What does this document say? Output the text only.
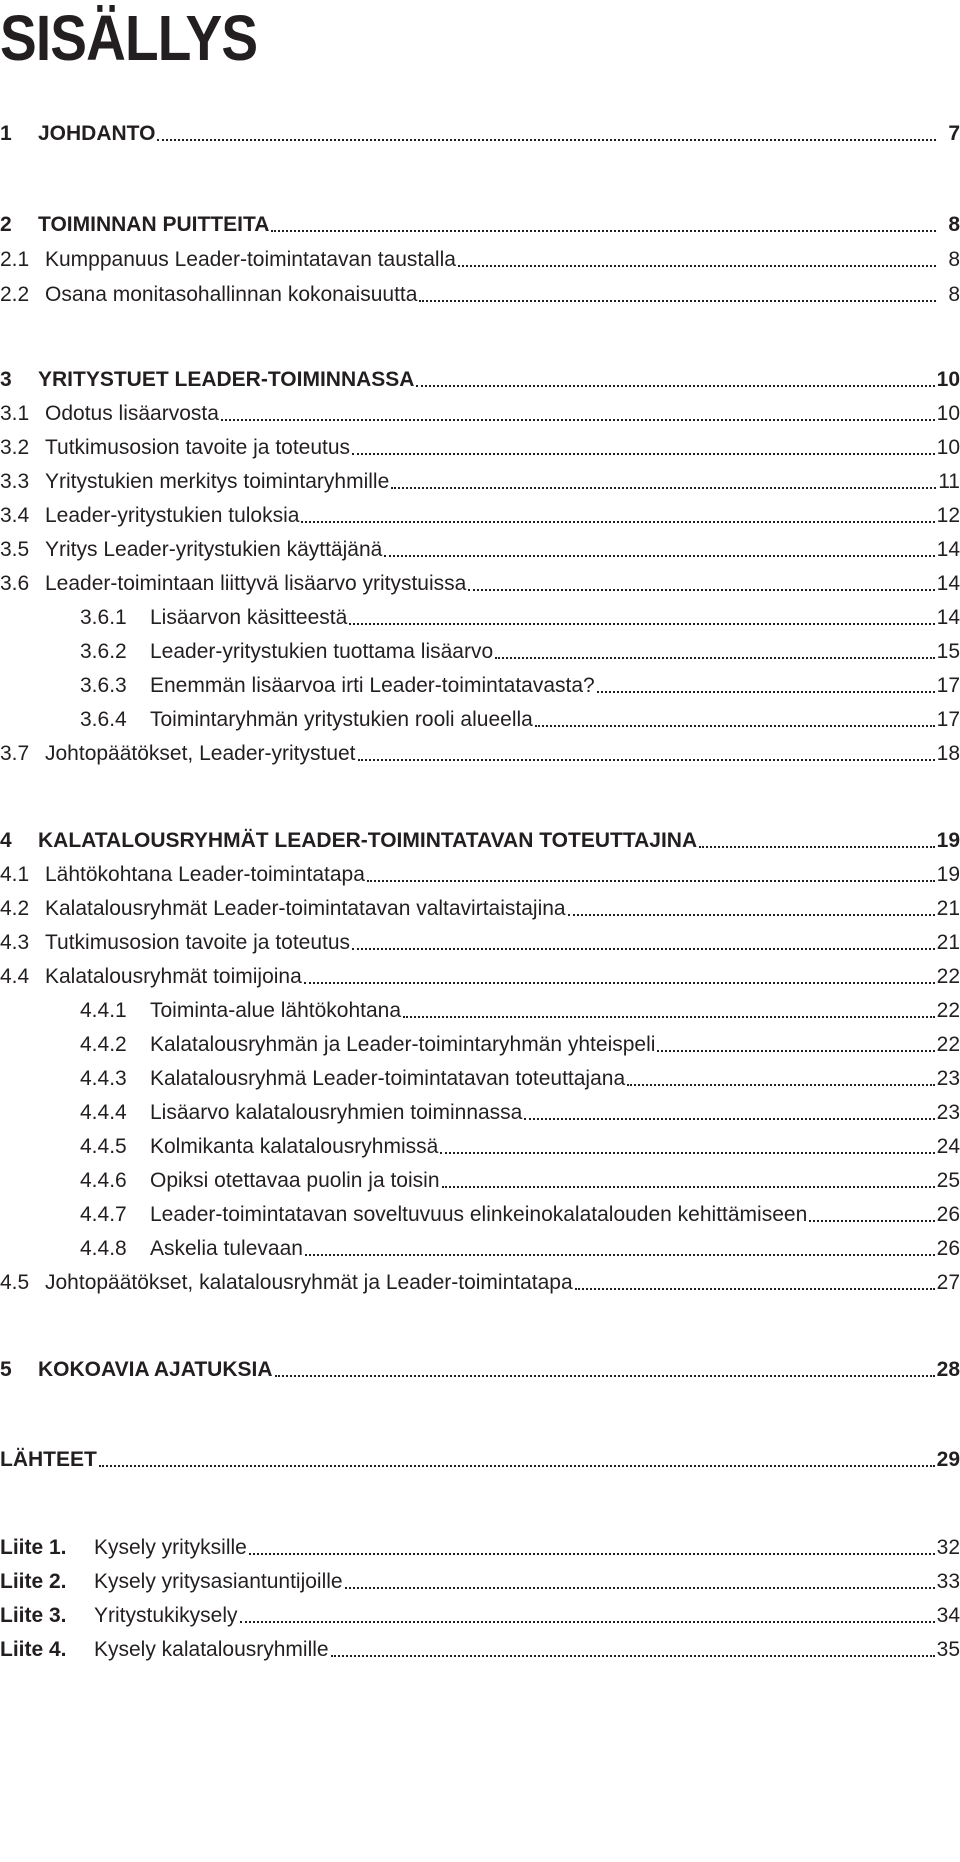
SISÄLLYS
1	JOHDANTO	7
2	TOIMINNAN PUITTEITA	8
2.1 Kumppanuus Leader-toimintatavan taustalla	8
2.2 Osana monitasohallinnan kokonaisuutta	8
3	YRITYSTUET LEADER-TOIMINNASSA	10
3.1 Odotus lisäarvosta	10
3.2 Tutkimusosion tavoite ja toteutus	10
3.3 Yritystukien merkitys toimintaryhmille	11
3.4 Leader-yritystukien tuloksia	12
3.5 Yritys Leader-yritystukien käyttäjänä	14
3.6 Leader-toimintaan liittyvä lisäarvo yritystuissa	14
3.6.1	Lisäarvon käsitteestä	14
3.6.2	Leader-yritystukien tuottama lisäarvo	15
3.6.3	Enemmän lisäarvoa irti Leader-toimintatavasta?	17
3.6.4	Toimintaryhmän yritystukien rooli alueella	17
3.7 Johtopäätökset, Leader-yritystuet	18
4	KALATALOUSRYHMÄT LEADER-TOIMINTATAVAN TOTEUTTAJINA	19
4.1 Lähtökohtana Leader-toimintatapa	19
4.2 Kalatalousryhmät Leader-toimintatavan valtavirtaistajina	21
4.3 Tutkimusosion tavoite ja toteutus	21
4.4 Kalatalousryhmät toimijoina	22
4.4.1	Toiminta-alue lähtökohtana	22
4.4.2	Kalatalousryhmän ja Leader-toimintaryhmän yhteispeli	22
4.4.3	Kalatalousryhmä Leader-toimintatavan toteuttajana	23
4.4.4	Lisäarvo kalatalousryhmien toiminnassa	23
4.4.5	Kolmikanta kalatalousryhmissä	24
4.4.6	Opiksi otettavaa puolin ja toisin	25
4.4.7	Leader-toimintatavan soveltuvuus elinkeinokalatalouden kehittämiseen	26
4.4.8	Askelia tulevaan	26
4.5 Johtopäätökset, kalatalousryhmät ja Leader-toimintatapa	27
5	KOKOAVIA AJATUKSIA	28
LÄHTEET	29
Liite 1.	Kysely yrityksille	32
Liite 2.	Kysely yritysasiantuntijoille	33
Liite 3.	Yritystukikysely	34
Liite 4.	Kysely kalatalousryhmille	35
